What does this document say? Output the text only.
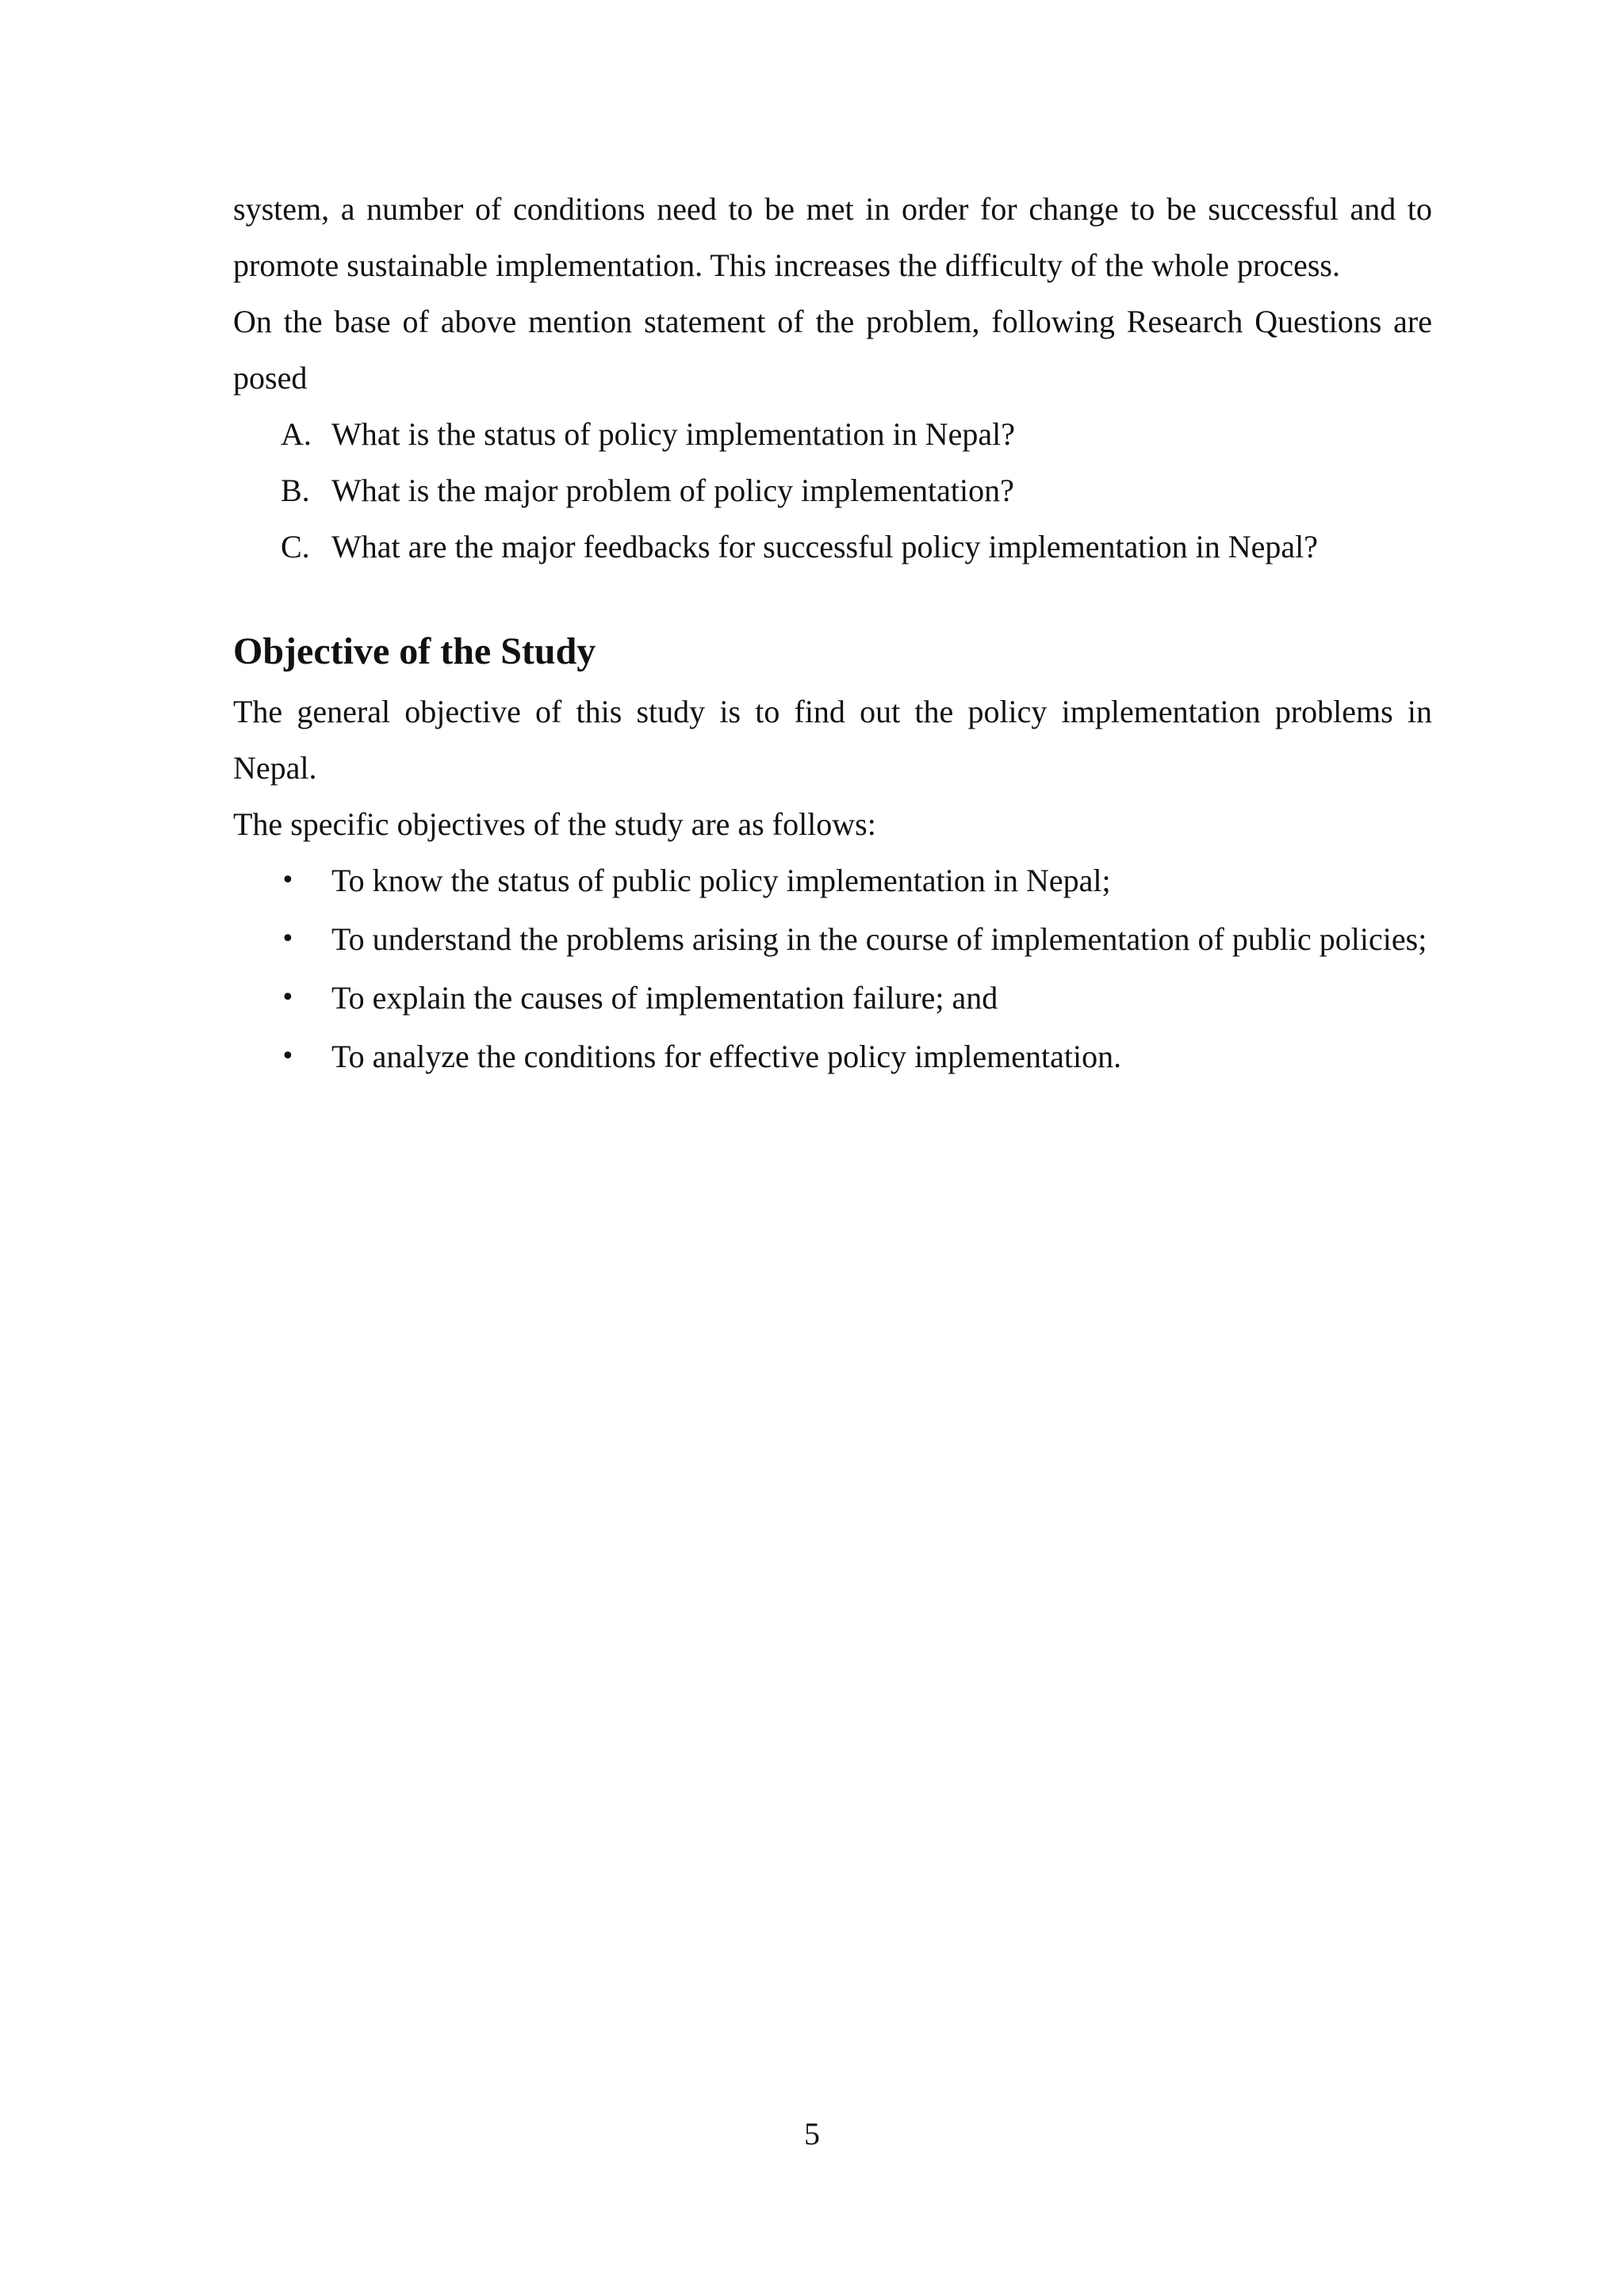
system, a number of conditions need to be met in order for change to be successful and to promote sustainable implementation. This increases the difficulty of the whole process.

On the base of above mention statement of the problem, following Research Questions are posed

A. What is the status of policy implementation in Nepal?
B. What is the major problem of policy implementation?
C. What are the major feedbacks for successful policy implementation in Nepal?
Objective of the Study

The general objective of this study is to find out the policy implementation problems in Nepal.

The specific objectives of the study are as follows:

• To know the status of public policy implementation in Nepal;
• To understand the problems arising in the course of implementation of public policies;
• To explain the causes of implementation failure; and
• To analyze the conditions for effective policy implementation.
5
